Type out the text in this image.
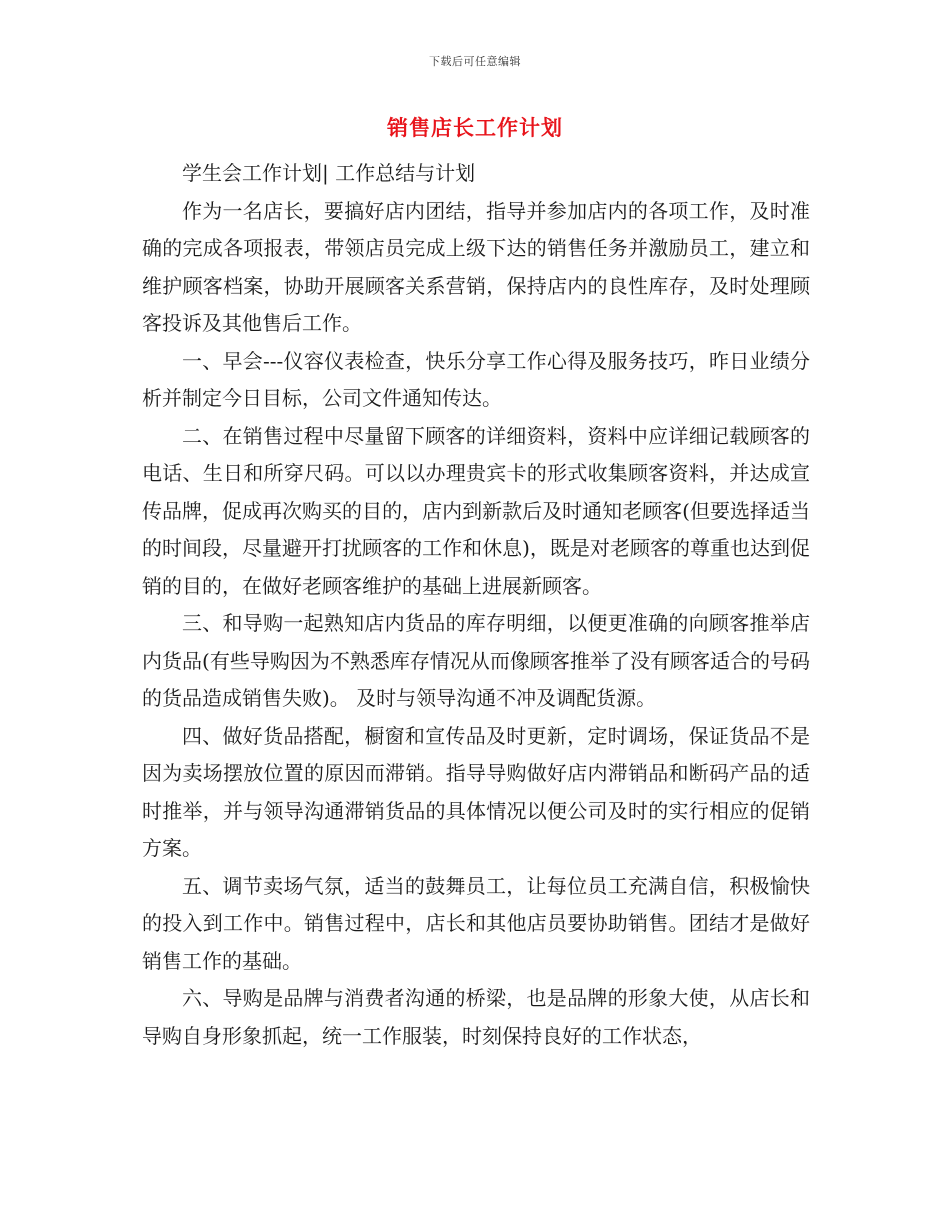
下载后可任意编辑
销售店长工作计划

学生会工作计划| 工作总结与计划

作为一名店长，要搞好店内团结，指导并参加店内的各项工作，及时准确的完成各项报表，带领店员完成上级下达的销售任务并激励员工，建立和维护顾客档案，协助开展顾客关系营销，保持店内的良性库存，及时处理顾客投诉及其他售后工作。

一、早会---仪容仪表检查，快乐分享工作心得及服务技巧，昨日业绩分析并制定今日目标，公司文件通知传达。

二、在销售过程中尽量留下顾客的详细资料，资料中应详细记载顾客的电话、生日和所穿尺码。可以以办理贵宾卡的形式收集顾客资料，并达成宣传品牌，促成再次购买的目的，店内到新款后及时通知老顾客(但要选择适当的时间段，尽量避开打扰顾客的工作和休息)，既是对老顾客的尊重也达到促销的目的，在做好老顾客维护的基础上进展新顾客。

三、和导购一起熟知店内货品的库存明细，以便更准确的向顾客推举店内货品(有些导购因为不熟悉库存情况从而像顾客推举了没有顾客适合的号码的货品造成销售失败)。 及时与领导沟通不冲及调配货源。

四、做好货品搭配，橱窗和宣传品及时更新，定时调场，保证货品不是因为卖场摆放位置的原因而滞销。指导导购做好店内滞销品和断码产品的适时推举，并与领导沟通滞销货品的具体情况以便公司及时的实行相应的促销方案。

五、调节卖场气氛，适当的鼓舞员工，让每位员工充满自信，积极愉快的投入到工作中。销售过程中，店长和其他店员要协助销售。团结才是做好销售工作的基础。

六、导购是品牌与消费者沟通的桥梁，也是品牌的形象大使，从店长和导购自身形象抓起，统一工作服装，时刻保持良好的工作状态，
